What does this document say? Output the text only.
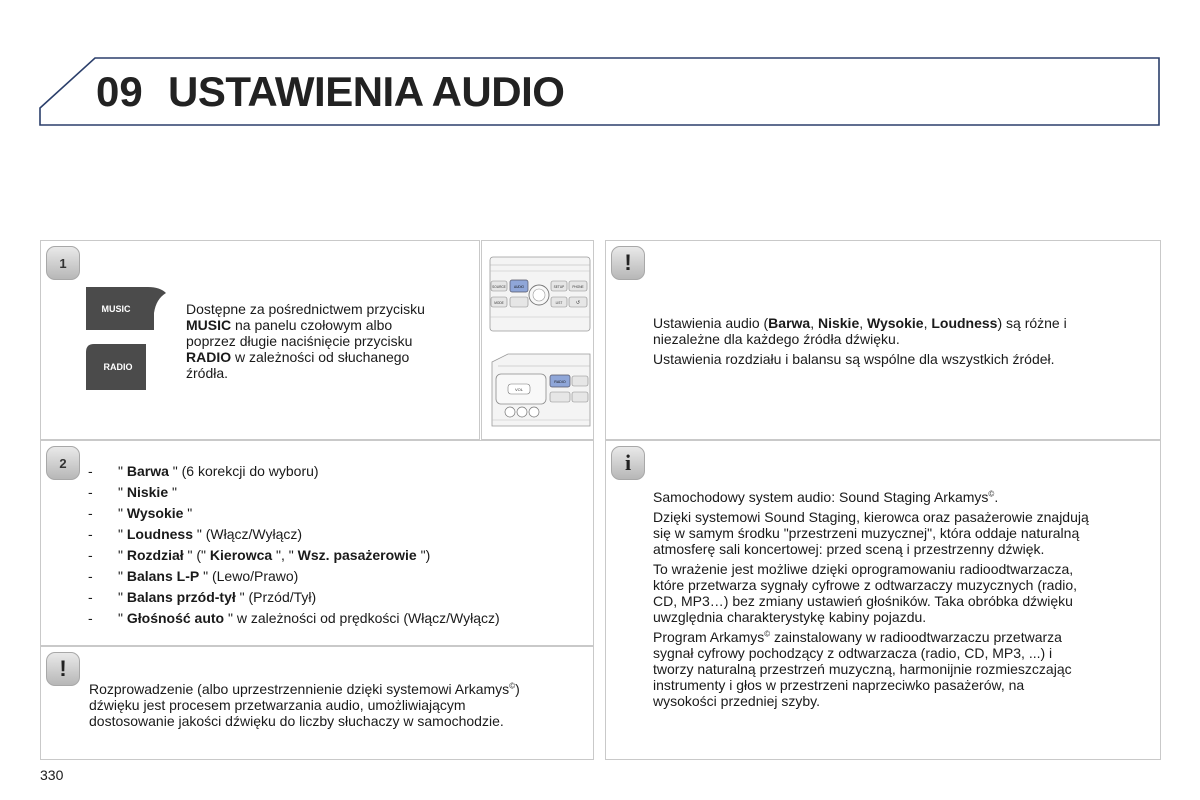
09 USTAWIENIA AUDIO
1
MUSIC
RADIO
Dostępne za pośrednictwem przycisku
MUSIC na panelu czołowym albo
poprzez długie naciśnięcie przycisku
RADIO w zależności od słuchanego
źródła.
SOURCE	AUDIO	SETUP	PHONE
MODE	LIST	↺
VOL
RADIO
2	- " Barwa " (6 korekcji do wyboru)
- " Niskie "
- " Wysokie "
- " Loudness " (Włącz/Wyłącz)
- " Rozdział " (" Kierowca ", " Wsz. pasażerowie ")
- " Balans L-P " (Lewo/Prawo)
- " Balans przód-tył " (Przód/Tył)
- " Głośność auto " w zależności od prędkości (Włącz/Wyłącz)
!
Rozprowadzenie (albo uprzestrzennienie dzięki systemowi Arkamys©)
dźwięku jest procesem przetwarzania audio, umożliwiającym
dostosowanie jakości dźwięku do liczby słuchaczy w samochodzie.
!
Ustawienia audio (Barwa, Niskie, Wysokie, Loudness) są różne i
niezależne dla każdego źródła dźwięku.
Ustawienia rozdziału i balansu są wspólne dla wszystkich źródeł.
i
Samochodowy system audio: Sound Staging Arkamys©.
Dzięki systemowi Sound Staging, kierowca oraz pasażerowie znajdują
się w samym środku "przestrzeni muzycznej", która oddaje naturalną
atmosferę sali koncertowej: przed sceną i przestrzenny dźwięk.
To wrażenie jest możliwe dzięki oprogramowaniu radioodtwarzacza,
które przetwarza sygnały cyfrowe z odtwarzaczy muzycznych (radio,
CD, MP3…) bez zmiany ustawień głośników. Taka obróbka dźwięku
uwzględnia charakterystykę kabiny pojazdu.
Program Arkamys© zainstalowany w radioodtwarzaczu przetwarza
sygnał cyfrowy pochodzący z odtwarzacza (radio, CD, MP3, ...) i
tworzy naturalną przestrzeń muzyczną, harmonijnie rozmieszczając
instrumenty i głos w przestrzeni naprzeciwko pasażerów, na
wysokości przedniej szyby.
330
